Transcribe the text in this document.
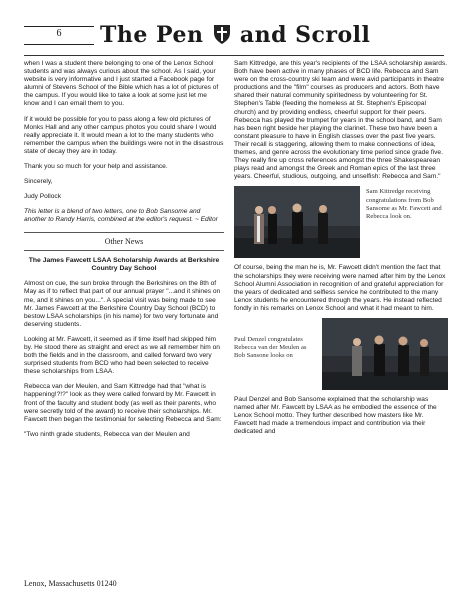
6	The Pen and Scroll

when I was a student there belonging to one of the Lenox School students and was always curious about the school. As I said, your website is very informative and I just started a Facebook page for alumni of Stevens School of the Bible which has a lot of pictures of the campus. If you would like to take a look at some just let me know and I can email them to you.

If it would be possible for you to pass along a few old pictures of Monks Hall and any other campus photos you could share I would really appreciate it. It would mean a lot to the many students who remember the campus when the buildings were not in the disastrous state of decay they are in today.

Thank you so much for your help and assistance.

Sincerely,

Judy Pollock

This letter is a blend of two letters, one to Bob Sansome and another to Randy Harris, combined at the editor's request. ~ Editor

Other News
The James Fawcett LSAA Scholarship Awards at Berkshire Country Day School

Almost on cue, the sun broke through the Berkshires on the 8th of May as if to reflect that part of our annual prayer "...and it shines on me, and it shines on you...". A special visit was being made to see Mr. James Fawcett at the Berkshire Country Day School (BCD) to bestow LSAA scholarships (in his name) for two very fortunate and deserving students.

Looking at Mr. Fawcett, it seemed as if time itself had skipped him by. He stood there as straight and erect as we all remember him on both the fields and in the classroom, and called forward two very surprised students from BCD who had been selected to receive these scholarships from LSAA.

Rebecca van der Meulen, and Sam Kittredge had that "what is happening!?!?" look as they were called forward by Mr. Fawcett in front of the faculty and student body (as well as their parents, who were secretly told of the award) to receive their scholarships. Mr. Fawcett then began the testimonial for selecting Rebecca and Sam:

"Two ninth grade students, Rebecca van der Meulen and

Sam Kittredge, are this year's recipients of the LSAA scholarship awards. Both have been active in many phases of BCD life. Rebecca and Sam were on the cross-country ski team and were avid participants in theatre productions and the "film" courses as producers and actors. Both have shared their natural community spiritedness by volunteering for St. Stephen's Table (feeding the homeless at St. Stephen's Episcopal church) and by providing endless, cheerful support for their peers. Rebecca has played the trumpet for years in the school band, and Sam has been right beside her playing the clarinet. These two have been a constant pleasure to have in English classes over the past five years. Their recall is staggering, allowing them to make connections of idea, themes, and genre across the evolutionary time period since grade five. They really fire up cross references amongst the three Shakespearean plays read and amongst the Greek and Roman epics of the last three years. Cheerful, studious, outgoing, and unselfish: Rebecca and Sam."

Sam Kittredge receiving congratulations from Bob Sansome as Mr. Fawcett and Rebecca look on.

Of course, being the man he is, Mr. Fawcett didn't mention the fact that the scholarships they were receiving were named after him by the Lenox School Alumni Association in recognition of and grateful appreciation for the years of dedicated and selfless service he contributed to the many Lenox students he encountered through the years. He instead reflected fondly in his remarks on Lenox School and what it had meant to him.

Paul Denzel congratulates Rebecca van der Meulen as Bob Sansone looks on

Paul Denzel and Bob Sansome explained that the scholarship was named after Mr. Fawcett by LSAA as he embodied the essence of the Lenox School motto. They further described how masters like Mr. Fawcett had made a tremendous impact and contribution via their dedicated and

Lenox, Massachusetts 01240
